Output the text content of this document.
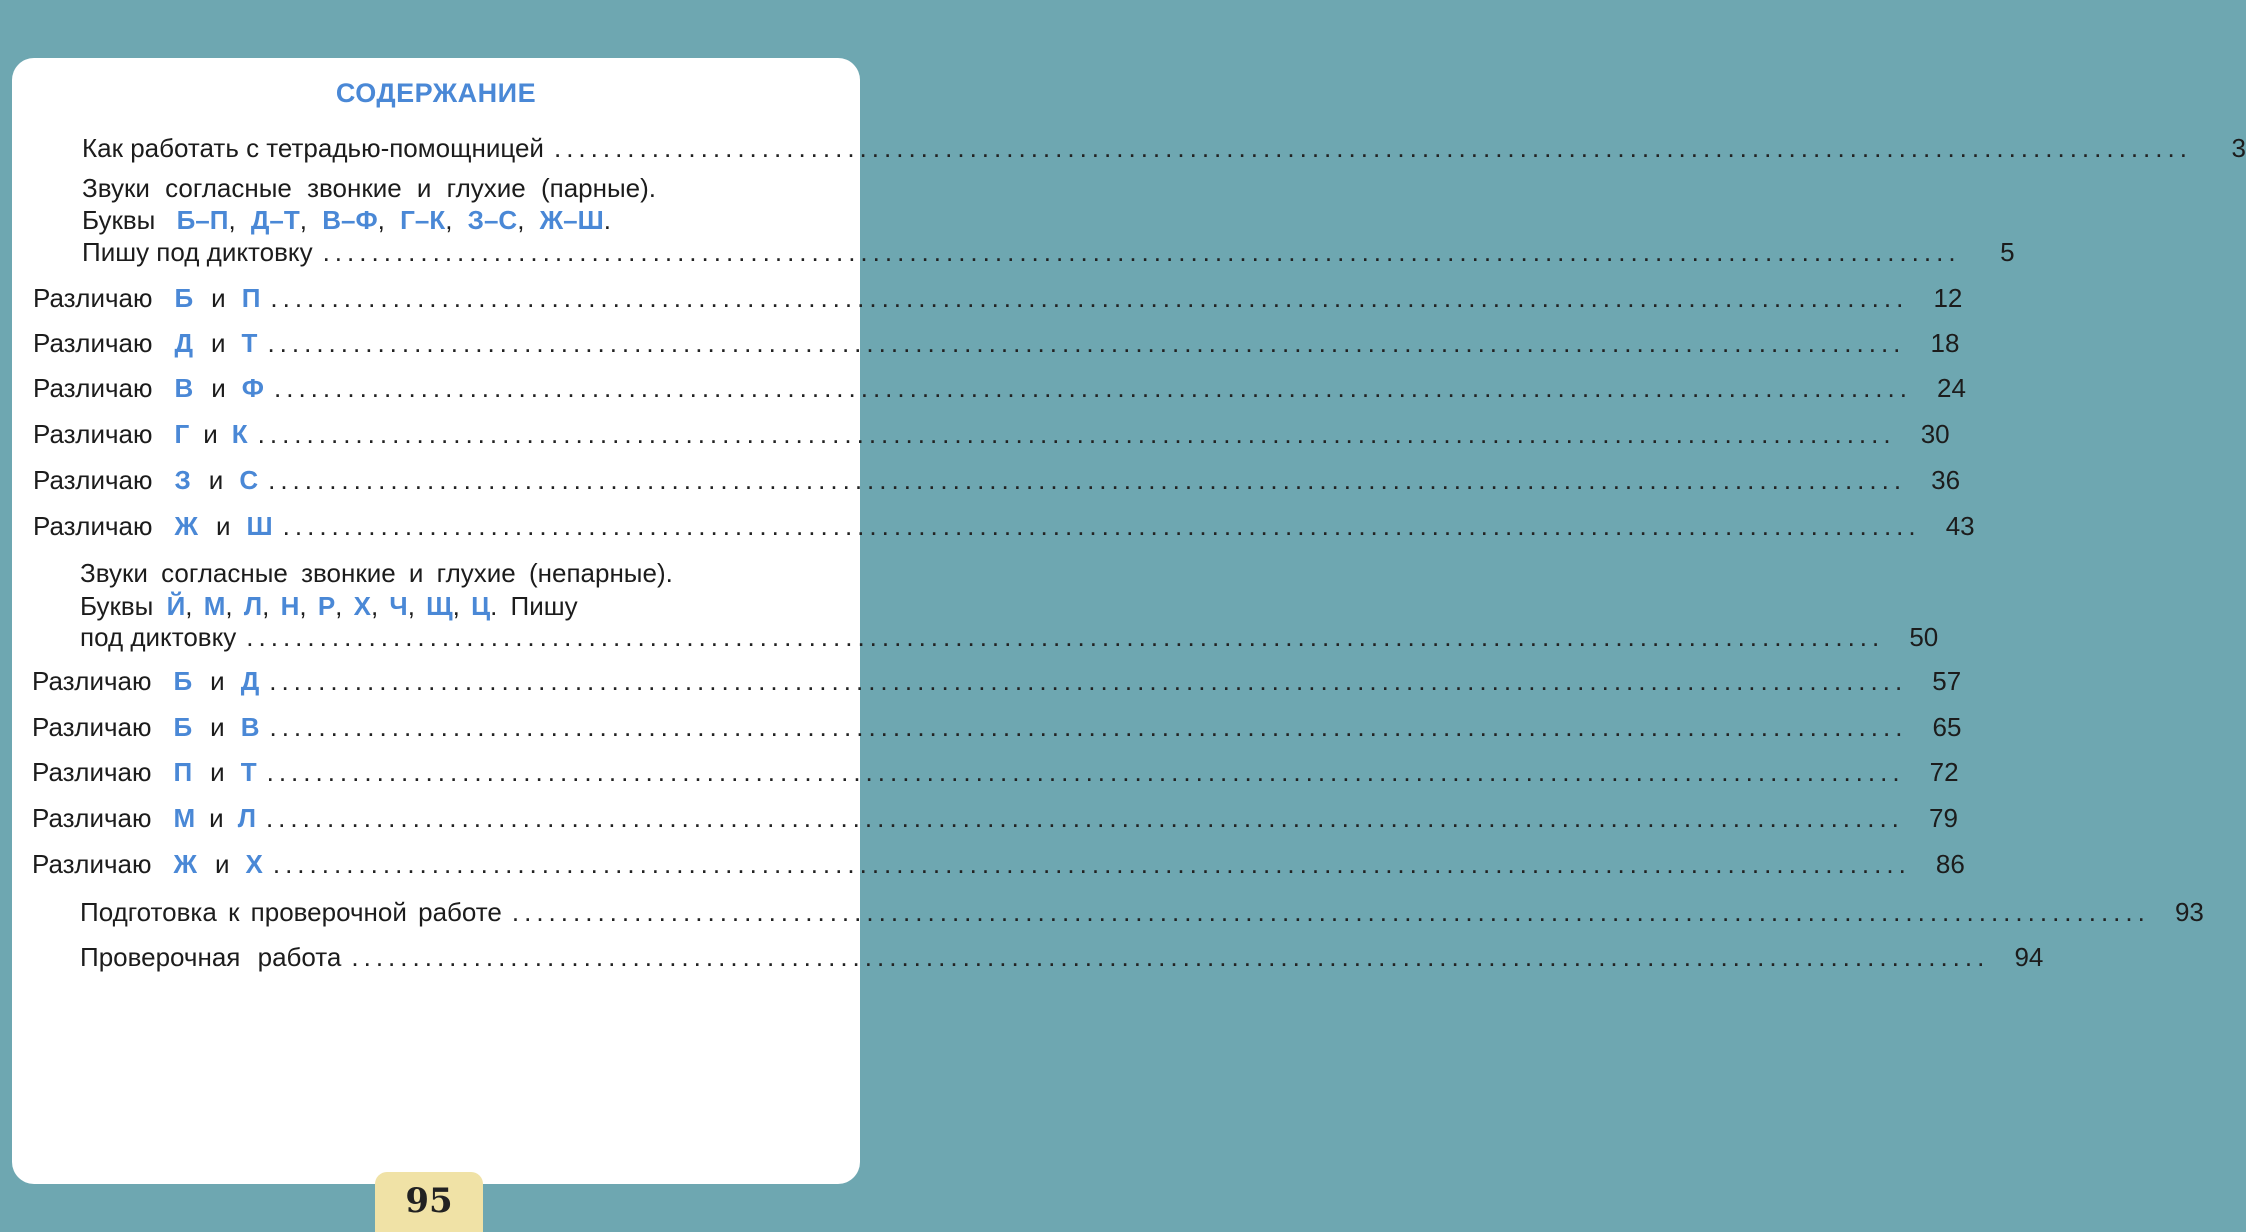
СОДЕРЖАНИЕ
Как работать с тетрадью-помощницей ......................................................................................................................................	3
Звуки согласные звонкие и глухие (парные).
Буквы Б–П, Д–Т, В–Ф, Г–К, З–С, Ж–Ш.
Пишу под диктовку ......................................................................................................................................	5
Различаю Б и П ...................................................................................................................................... 12
Различаю Д и Т ...................................................................................................................................... 18
Различаю В и Ф ...................................................................................................................................... 24
Различаю Г и К ...................................................................................................................................... 30
Различаю З и С ...................................................................................................................................... 36
Различаю Ж и Ш ...................................................................................................................................... 43
Звуки согласные звонкие и глухие (непарные).
Буквы Й, М, Л, Н, Р, Х, Ч, Щ, Ц. Пишу
под диктовку ...................................................................................................................................... 50
Различаю Б и Д ...................................................................................................................................... 57
Различаю Б и В ...................................................................................................................................... 65
Различаю П и Т ...................................................................................................................................... 72
Различаю М и Л ...................................................................................................................................... 79
Различаю Ж и Х ...................................................................................................................................... 86
Подготовка к проверочной работе ...................................................................................................................................... 93
Проверочная работа ...................................................................................................................................... 94
95
